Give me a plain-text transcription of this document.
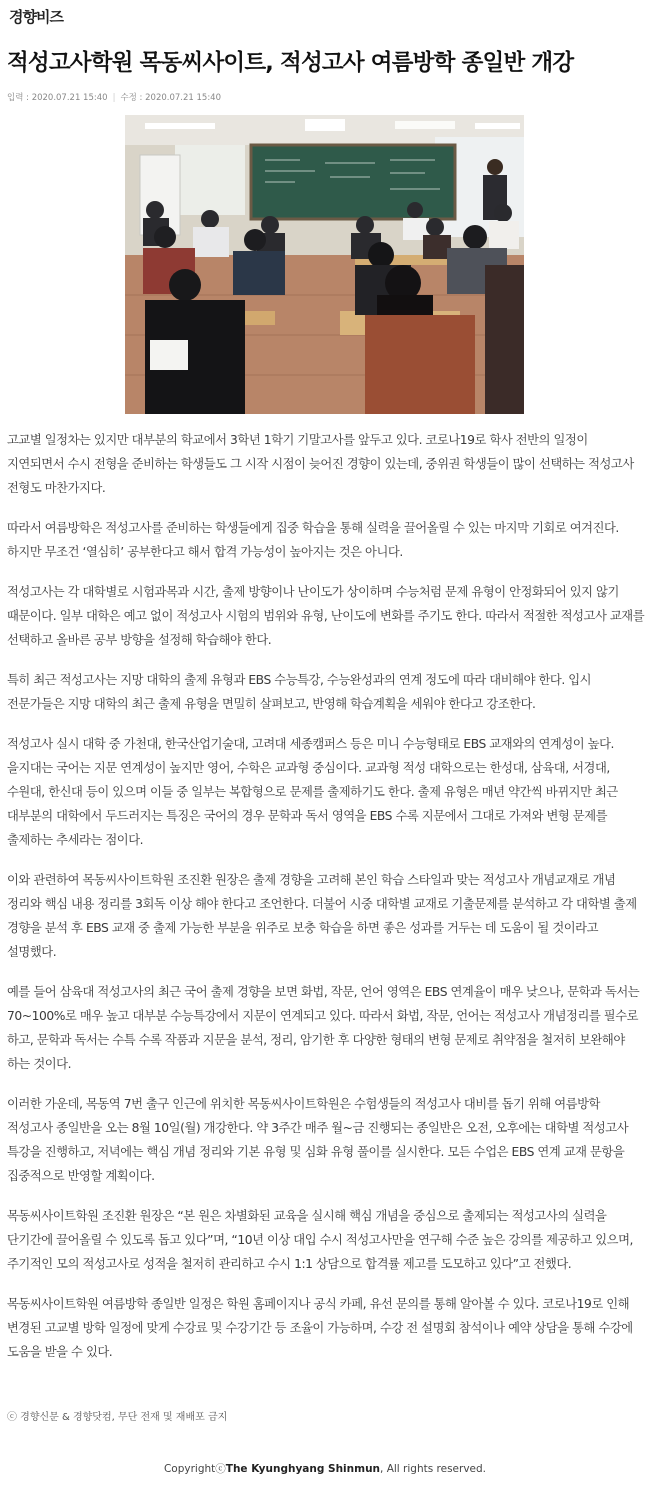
경향비즈
적성고사학원 목동씨사이트, 적성고사 여름방학 종일반 개강
입력 : 2020.07.21 15:40 | 수정 : 2020.07.21 15:40

고교별 일정차는 있지만 대부분의 학교에서 3학년 1학기 기말고사를 앞두고 있다. 코로나19로 학사 전반의 일정이 지연되면서 수시 전형을 준비하는 학생들도 그 시작 시점이 늦어진 경향이 있는데, 중위권 학생들이 많이 선택하는 적성고사 전형도 마찬가지다.

따라서 여름방학은 적성고사를 준비하는 학생들에게 집중 학습을 통해 실력을 끌어올릴 수 있는 마지막 기회로 여겨진다. 하지만 무조건 ‘열심히’ 공부한다고 해서 합격 가능성이 높아지는 것은 아니다.

적성고사는 각 대학별로 시험과목과 시간, 출제 방향이나 난이도가 상이하며 수능처럼 문제 유형이 안정화되어 있지 않기 때문이다. 일부 대학은 예고 없이 적성고사 시험의 범위와 유형, 난이도에 변화를 주기도 한다. 따라서 적절한 적성고사 교재를 선택하고 올바른 공부 방향을 설정해 학습해야 한다.

특히 최근 적성고사는 지망 대학의 출제 유형과 EBS 수능특강, 수능완성과의 연계 정도에 따라 대비해야 한다. 입시 전문가들은 지망 대학의 최근 출제 유형을 면밀히 살펴보고, 반영해 학습계획을 세워야 한다고 강조한다.

적성고사 실시 대학 중 가천대, 한국산업기술대, 고려대 세종캠퍼스 등은 미니 수능형태로 EBS 교재와의 연계성이 높다. 을지대는 국어는 지문 연계성이 높지만 영어, 수학은 교과형 중심이다. 교과형 적성 대학으로는 한성대, 삼육대, 서경대, 수원대, 한신대 등이 있으며 이들 중 일부는 복합형으로 문제를 출제하기도 한다. 출제 유형은 매년 약간씩 바뀌지만 최근 대부분의 대학에서 두드러지는 특징은 국어의 경우 문학과 독서 영역을 EBS 수록 지문에서 그대로 가져와 변형 문제를 출제하는 추세라는 점이다.

이와 관련하여 목동씨사이트학원 조진환 원장은 출제 경향을 고려해 본인 학습 스타일과 맞는 적성고사 개념교재로 개념 정리와 핵심 내용 정리를 3회독 이상 해야 한다고 조언한다. 더불어 시중 대학별 교재로 기출문제를 분석하고 각 대학별 출제 경향을 분석 후 EBS 교재 중 출제 가능한 부분을 위주로 보충 학습을 하면 좋은 성과를 거두는 데 도움이 될 것이라고 설명했다.

예를 들어 삼육대 적성고사의 최근 국어 출제 경향을 보면 화법, 작문, 언어 영역은 EBS 연계율이 매우 낮으나, 문학과 독서는 70~100%로 매우 높고 대부분 수능특강에서 지문이 연계되고 있다. 따라서 화법, 작문, 언어는 적성고사 개념정리를 필수로 하고, 문학과 독서는 수특 수록 작품과 지문을 분석, 정리, 암기한 후 다양한 형태의 변형 문제로 취약점을 철저히 보완해야 하는 것이다.

이러한 가운데, 목동역 7번 출구 인근에 위치한 목동씨사이트학원은 수험생들의 적성고사 대비를 돕기 위해 여름방학 적성고사 종일반을 오는 8월 10일(월) 개강한다. 약 3주간 매주 월~금 진행되는 종일반은 오전, 오후에는 대학별 적성고사 특강을 진행하고, 저녁에는 핵심 개념 정리와 기본 유형 및 심화 유형 풀이를 실시한다. 모든 수업은 EBS 연계 교재 문항을 집중적으로 반영할 계획이다.

목동씨사이트학원 조진환 원장은 “본 원은 차별화된 교육을 실시해 핵심 개념을 중심으로 출제되는 적성고사의 실력을 단기간에 끌어올릴 수 있도록 돕고 있다”며, “10년 이상 대입 수시 적성고사만을 연구해 수준 높은 강의를 제공하고 있으며, 주기적인 모의 적성고사로 성적을 철저히 관리하고 수시 1:1 상담으로 합격률 제고를 도모하고 있다”고 전했다.

목동씨사이트학원 여름방학 종일반 일정은 학원 홈페이지나 공식 카페, 유선 문의를 통해 알아볼 수 있다. 코로나19로 인해 변경된 고교별 방학 일정에 맞게 수강료 및 수강기간 등 조율이 가능하며, 수강 전 설명회 참석이나 예약 상담을 통해 수강에 도움을 받을 수 있다.

ⓒ 경향신문 & 경향닷컴, 무단 전재 및 재배포 금지
CopyrightⓒThe Kyunghyang Shinmun, All rights reserved.
